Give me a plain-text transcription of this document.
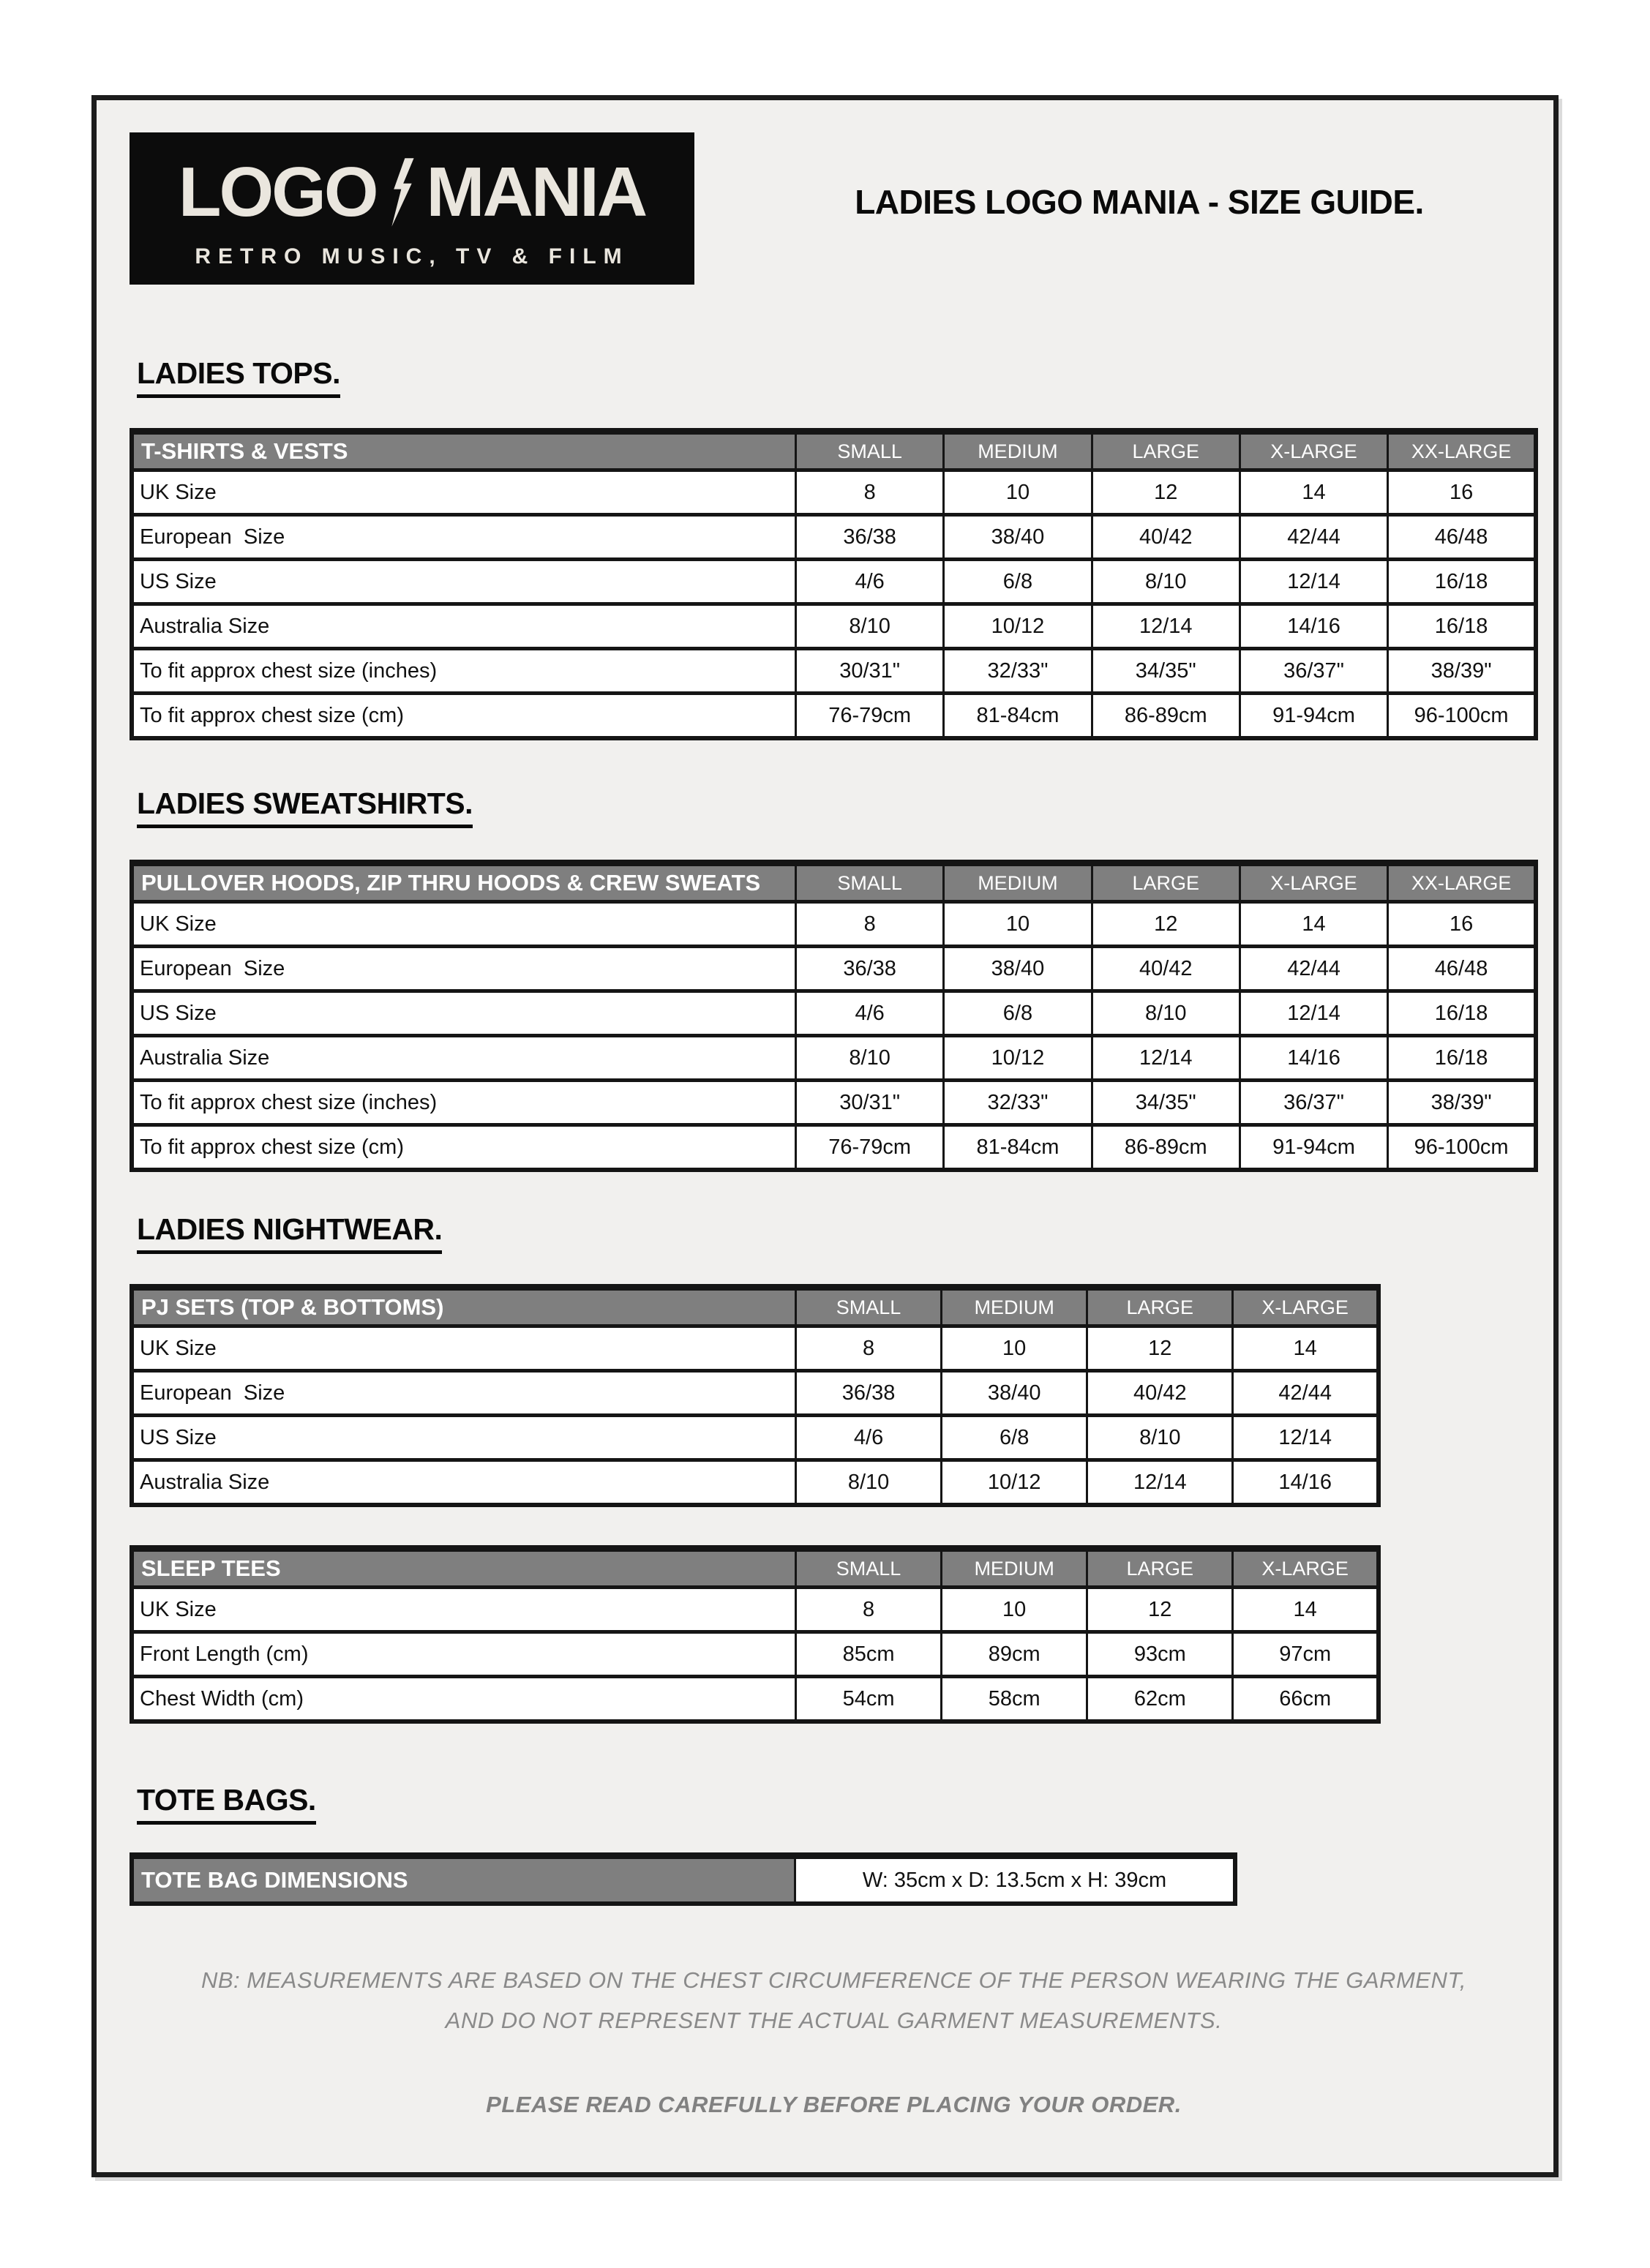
LOGO MANIA
RETRO MUSIC, TV & FILM
LADIES LOGO MANIA - SIZE GUIDE.
LADIES TOPS.
T-SHIRTS & VESTS	SMALL	MEDIUM	LARGE	X-LARGE	XX-LARGE
UK Size	8	10	12	14	16
European  Size	36/38	38/40	40/42	42/44	46/48
US Size	4/6	6/8	8/10	12/14	16/18
Australia Size	8/10	10/12	12/14	14/16	16/18
To fit approx chest size (inches)	30/31"	32/33"	34/35"	36/37"	38/39"
To fit approx chest size (cm)	76-79cm	81-84cm	86-89cm	91-94cm	96-100cm
LADIES SWEATSHIRTS.
PULLOVER HOODS, ZIP THRU HOODS & CREW SWEATS	SMALL	MEDIUM	LARGE	X-LARGE	XX-LARGE
UK Size	8	10	12	14	16
European  Size	36/38	38/40	40/42	42/44	46/48
US Size	4/6	6/8	8/10	12/14	16/18
Australia Size	8/10	10/12	12/14	14/16	16/18
To fit approx chest size (inches)	30/31"	32/33"	34/35"	36/37"	38/39"
To fit approx chest size (cm)	76-79cm	81-84cm	86-89cm	91-94cm	96-100cm
LADIES NIGHTWEAR.
PJ SETS (TOP & BOTTOMS)	SMALL	MEDIUM	LARGE	X-LARGE
UK Size	8	10	12	14
European  Size	36/38	38/40	40/42	42/44
US Size	4/6	6/8	8/10	12/14
Australia Size	8/10	10/12	12/14	14/16
SLEEP TEES	SMALL	MEDIUM	LARGE	X-LARGE
UK Size	8	10	12	14
Front Length (cm)	85cm	89cm	93cm	97cm
Chest Width (cm)	54cm	58cm	62cm	66cm
TOTE BAGS.
TOTE BAG DIMENSIONS	W: 35cm x D: 13.5cm x H: 39cm
NB: MEASUREMENTS ARE BASED ON THE CHEST CIRCUMFERENCE OF THE PERSON WEARING THE GARMENT,
AND DO NOT REPRESENT THE ACTUAL GARMENT MEASUREMENTS.
PLEASE READ CAREFULLY BEFORE PLACING YOUR ORDER.
